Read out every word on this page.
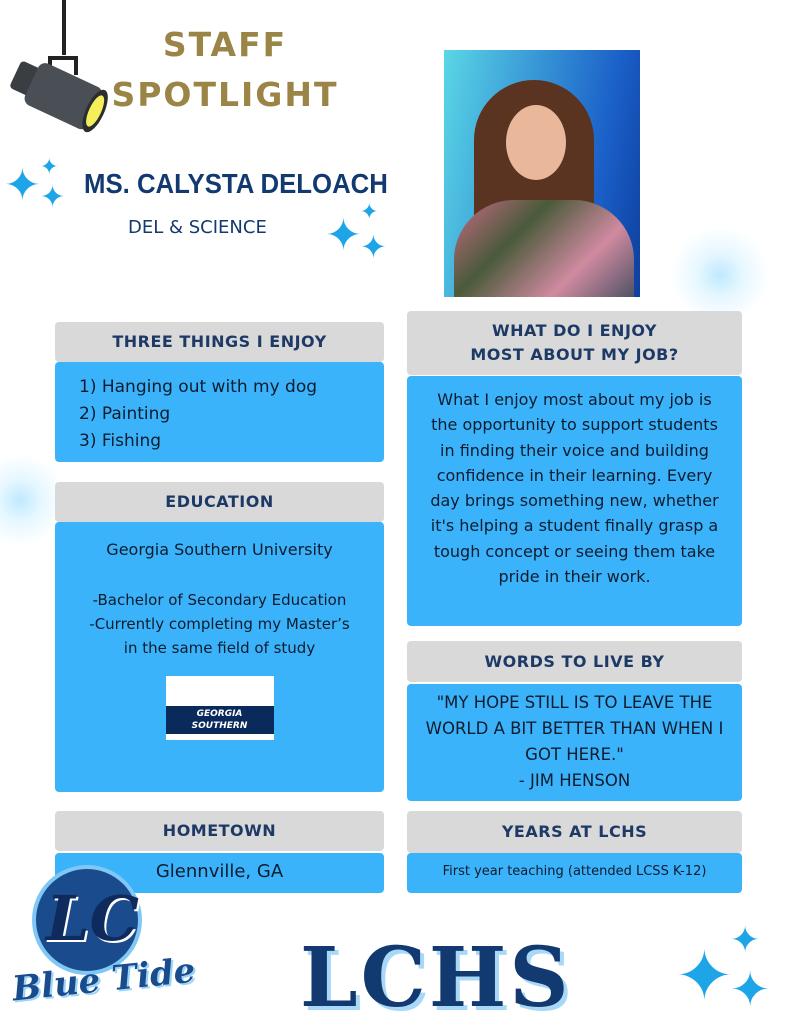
STAFF
SPOTLIGHT
✦ ✦
✦
✦
✦
✦
MS. CALYSTA DELOACH
DEL & SCIENCE
THREE THINGS I ENJOY
1) Hanging out with my dog
2) Painting
3) Fishing
EDUCATION
Georgia Southern University
-Bachelor of Secondary Education
-Currently completing my Master’s
in the same field of study
GEORGIA SOUTHERN
HOMETOWN
Glennville, GA
WHAT DO I ENJOY
MOST ABOUT MY JOB?
What I enjoy most about my job is the opportunity to support students in finding their voice and building confidence in their learning. Every day brings something new, whether it's helping a student finally grasp a tough concept or seeing them take pride in their work.
WORDS TO LIVE BY
"MY HOPE STILL IS TO LEAVE THE WORLD A BIT BETTER THAN WHEN I GOT HERE."
- JIM HENSON
YEARS AT LCHS
First year teaching (attended LCSS K-12)
LC
Blue Tide LCHS ✦
✦
✦
